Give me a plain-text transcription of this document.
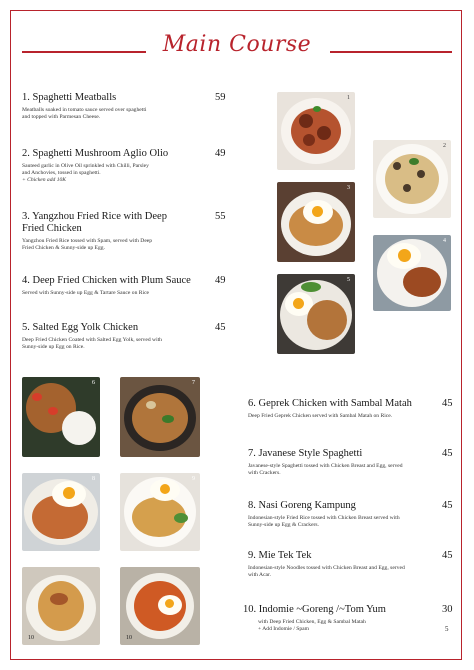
Main Course
1. Spaghetti Meatballs	59
Meatballs soaked in tomato sauce served over spaghetti and topped with Parmesan Cheese.
2. Spaghetti Mushroom Aglio Olio	49
Sauteed garlic in Olive Oil sprinkled with Chilli, Parsley and Anchovies, tossed in spaghetti.
+ Chicken add 10K
3. Yangzhou Fried Rice with Deep Fried Chicken
55
Yangzhou Fried Rice tossed with Spam, served with Deep Fried Chicken & Sunny-side up Egg.
4. Deep Fried Chicken with Plum Sauce	49
Served with Sunny-side up Egg & Tartare Sauce on Rice
5. Salted Egg Yolk Chicken	45
Deep Fried Chicken Coated with Salted Egg Yolk, served with Sunny-side up Egg on Rice.
6. Geprek Chicken with Sambal Matah	45
Deep Fried Geprek Chicken served with Sambal Matah on Rice.
7. Javanese Style Spaghetti	45
Javanese-style Spaghetti tossed with Chicken Breast and Egg, served with Crackers.
8. Nasi Goreng Kampung	45
Indonesian-style Fried Rice tossed with Chicken Breast served with Sunny-side up Egg & Crackers.
9. Mie Tek Tek	45
Indonesian-style Noodles tossed with Chicken Breast and Egg, served with Acar.
10. Indomie ~Goreng /~Tom Yum	30
with Deep Fried Chicken, Egg & Sambal Matah
+ Add Indomie / Spam	5
1
2
3
4
5
6	7
8	9
10	10
